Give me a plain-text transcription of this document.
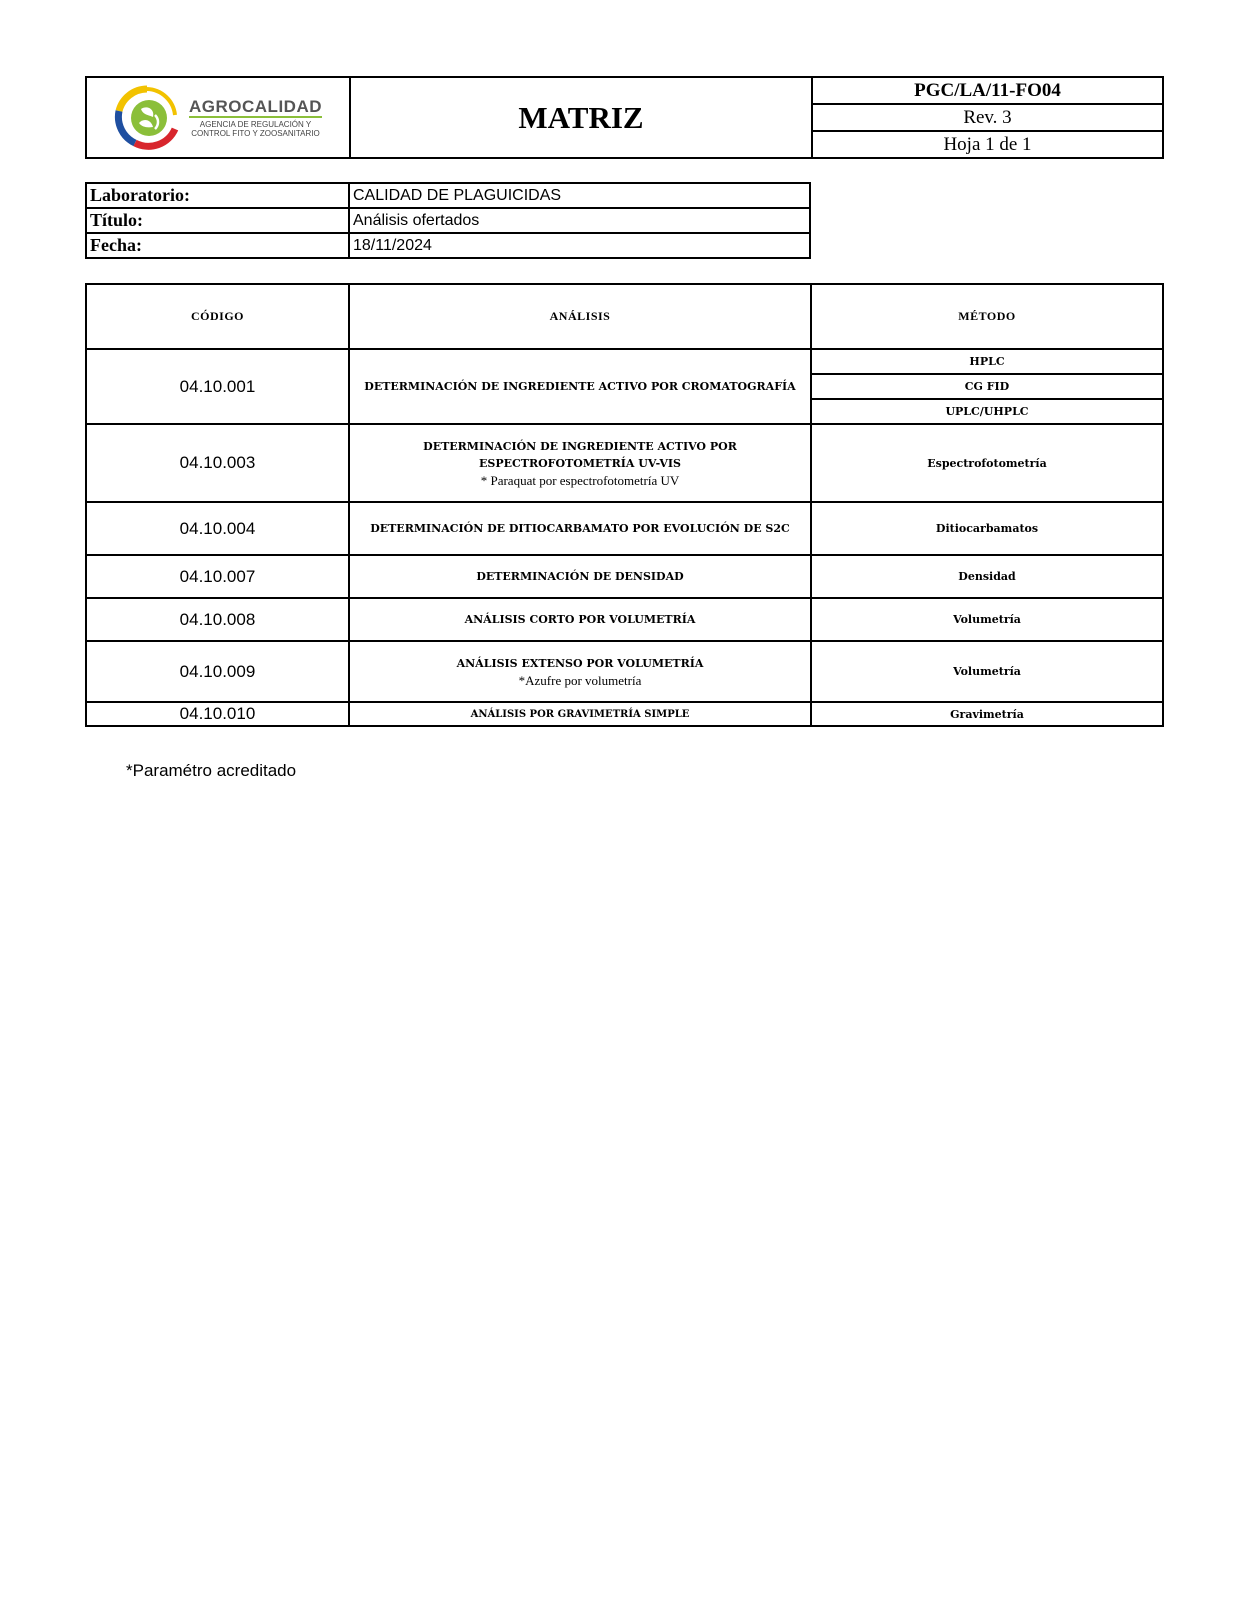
AGROCALIDAD
AGENCIA DE REGULACIÓN Y
CONTROL FITO Y ZOOSANITARIO	MATRIZ	PGC/LA/11-FO04
Rev. 3
Hoja 1 de 1
Laboratorio:	CALIDAD DE PLAGUICIDAS
Título:	Análisis ofertados
Fecha:	18/11/2024
CÓDIGO	ANÁLISIS	MÉTODO
04.10.001	DETERMINACIÓN DE INGREDIENTE ACTIVO POR CROMATOGRAFÍA	HPLC
		CG FID
		UPLC/UHPLC
04.10.003	DETERMINACIÓN DE INGREDIENTE ACTIVO POR ESPECTROFOTOMETRÍA UV-VIS
* Paraquat por espectrofotometría UV	Espectrofotometría
04.10.004	DETERMINACIÓN DE DITIOCARBAMATO POR EVOLUCIÓN DE S2C	Ditiocarbamatos
04.10.007	DETERMINACIÓN DE DENSIDAD	Densidad
04.10.008	ANÁLISIS CORTO POR VOLUMETRÍA	Volumetría
04.10.009	ANÁLISIS EXTENSO POR VOLUMETRÍA
*Azufre por volumetría	Volumetría
04.10.010	ANÁLISIS POR GRAVIMETRÍA SIMPLE	Gravimetría
*Paramétro acreditado
